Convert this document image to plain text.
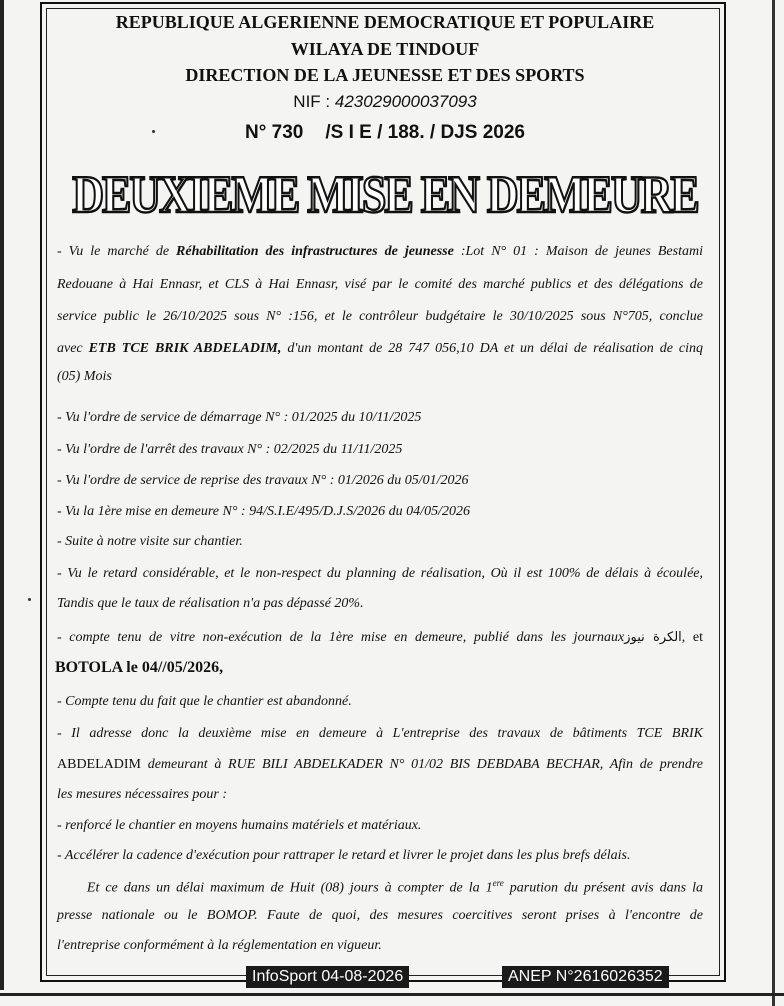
REPUBLIQUE ALGERIENNE DEMOCRATIQUE ET POPULAIRE
WILAYA DE TINDOUF
DIRECTION DE LA JEUNESSE ET DES SPORTS
NIF : 423029000037093
N° 730 /S I E / 188. / DJS 2026
DEUXIEME MISE EN DEMEURE
- Vu le marché de Réhabilitation des infrastructures de jeunesse :Lot N° 01 : Maison de jeunes Bestami
Redouane à Hai Ennasr, et CLS à Hai Ennasr, visé par le comité des marché publics et des délégations de
service public le 26/10/2025 sous N° :156, et le contrôleur budgétaire le 30/10/2025 sous N°705, conclue
avec ETB TCE BRIK ABDELADIM, d'un montant de 28 747 056,10 DA et un délai de réalisation de cinq
(05) Mois
- Vu l'ordre de service de démarrage N° : 01/2025 du 10/11/2025
- Vu l'ordre de l'arrêt des travaux N° : 02/2025 du 11/11/2025
- Vu l'ordre de service de reprise des travaux N° : 01/2026 du 05/01/2026
- Vu la 1ère mise en demeure N° : 94/S.I.E/495/D.J.S/2026 du 04/05/2026
- Suite à notre visite sur chantier.
- Vu le retard considérable, et le non-respect du planning de réalisation, Où il est 100% de délais à écoulée,
Tandis que le taux de réalisation n'a pas dépassé 20%.
- compte tenu de vitre non-exécution de la 1ère mise en demeure, publié dans les journauxالكرة نيوز, et
BOTOLA le 04//05/2026,
- Compte tenu du fait que le chantier est abandonné.
- Il adresse donc la deuxième mise en demeure à L'entreprise des travaux de bâtiments TCE BRIK
ABDELADIM demeurant à RUE BILI ABDELKADER N° 01/02 BIS DEBDABA BECHAR, Afin de prendre
les mesures nécessaires pour :
- renforcé le chantier en moyens humains matériels et matériaux.
- Accélérer la cadence d'exécution pour rattraper le retard et livrer le projet dans les plus brefs délais.
Et ce dans un délai maximum de Huit (08) jours à compter de la 1ere parution du présent avis dans la
presse nationale ou le BOMOP. Faute de quoi, des mesures coercitives seront prises à l'encontre de
l'entreprise conformément à la réglementation en vigueur.
InfoSport 04-08-2026	ANEP N°2616026352
